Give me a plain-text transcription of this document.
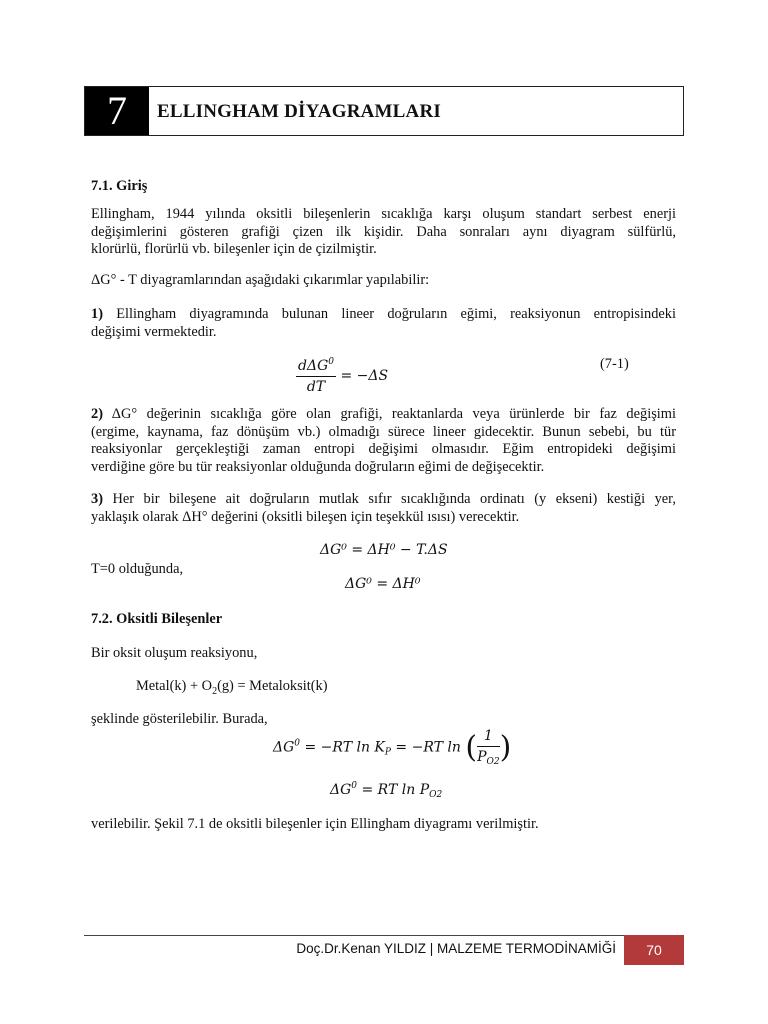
7	ELLINGHAM DİYAGRAMLARI
7.1. Giriş
Ellingham, 1944 yılında oksitli bileşenlerin sıcaklığa karşı oluşum standart serbest enerji
değişimlerini gösteren grafiği çizen ilk kişidir. Daha sonraları aynı diyagram sülfürlü,
klorürlü, florürlü vb. bileşenler için de çizilmiştir.
ΔG° - T diyagramlarından aşağıdaki çıkarımlar yapılabilir:
1) Ellingham diyagramında bulunan lineer doğruların eğimi, reaksiyonun entropisindeki
değişimi vermektedir.
$\frac{d\Delta G^0}{dT} = -\Delta S$
(7-1)
2) ΔG° değerinin sıcaklığa göre olan grafiği, reaktanlarda veya ürünlerde bir faz değişimi
(ergime, kaynama, faz dönüşüm vb.) olmadığı sürece lineer gidecektir. Bunun sebebi, bu tür
reaksiyonlar gerçekleştiği zaman entropi değişimi olmasıdır. Eğim entropideki değişimi
verdiğine göre bu tür reaksiyonlar olduğunda doğruların eğimi de değişecektir.
3) Her bir bileşene ait doğruların mutlak sıfır sıcaklığında ordinatı (y ekseni) kestiği yer,
yaklaşık olarak ΔH° değerini (oksitli bileşen için teşekkül ısısı) verecektir.
ΔG⁰ = ΔH⁰ − T.ΔS
T=0 olduğunda,
ΔG⁰ = ΔH⁰
7.2. Oksitli Bileşenler
Bir oksit oluşum reaksiyonu,
Metal(k) + $O_2(g)$ = Metaloksit(k)
şeklinde gösterilebilir. Burada,
$\Delta G^0 = -RT$ $\ln K_P = -RT$ ln ( $\frac{1}{P_{O2}}$ )
$\Delta G^0$ = RT $\ln P_{O2}$
verilebilir. Şekil 7.1 de oksitli bileşenler için Ellingham diyagramı verilmiştir.
Doç.Dr.Kenan YILDIZ | MALZEME TERMODİNAMİĞİ	70
